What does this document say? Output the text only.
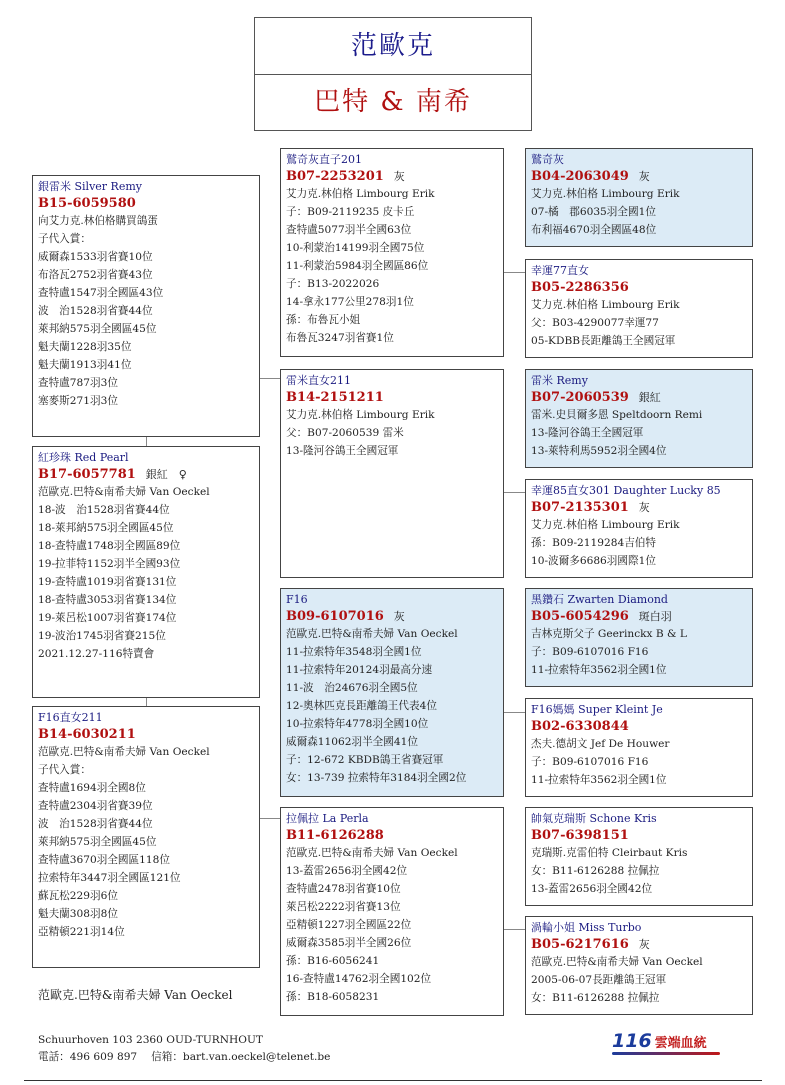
范歐克
巴特 & 南希
銀雷米 Silver Remy
B15-6059580
向艾力克.林伯格購買鴿蛋
子代入賞：
威爾森1533羽省賽10位
布洛瓦2752羽省賽43位
查特盧1547羽全國區43位
波　治1528羽省賽44位
萊邦納575羽全國區45位
魁夫蘭1228羽35位
魁夫蘭1913羽41位
查特盧787羽3位
塞麥斯271羽3位
紅珍珠 Red Pearl
B17-6057781 銀紅　♀
范歐克.巴特&南希夫婦 Van Oeckel
18-波　治1528羽省賽44位
18-萊邦納575羽全國區45位
18-查特盧1748羽全國區89位
19-拉菲特1152羽半全國93位
19-查特盧1019羽省賽131位
18-查特盧3053羽省賽134位
19-萊呂松1007羽省賽174位
19-波治1745羽省賽215位
2021.12.27-116特賣會
F16直女211
B14-6030211
范歐克.巴特&南希夫婦 Van Oeckel
子代入賞：
查特盧1694羽全國8位
查特盧2304羽省賽39位
波　治1528羽省賽44位
萊邦納575羽全國區45位
查特盧3670羽全國區118位
拉索特年3447羽全國區121位
蘇瓦松229羽6位
魁夫蘭308羽8位
亞精頓221羽14位
鷲奇灰直子201
B07-2253201 灰
艾力克.林伯格 Limbourg Erik
子：B09-2119235 皮卡丘
查特盧5077羽半全國63位
10-利蒙治14199羽全國75位
11-利蒙治5984羽全國區86位
子：B13-2022026
14-拿永177公里278羽1位
孫：布魯瓦小姐
布魯瓦3247羽省賽1位
雷米直女211
B14-2151211
艾力克.林伯格 Limbourg Erik
父：B07-2060539 雷米
13-隆河谷鴿王全國冠軍
F16
B09-6107016 灰
范歐克.巴特&南希夫婦 Van Oeckel
11-拉索特年3548羽全國1位
11-拉索特年20124羽最高分速
11-波　治24676羽全國5位
12-奧林匹克長距離鴿王代表4位
10-拉索特年4778羽全國10位
威爾森11062羽半全國41位
子：12-672 KBDB鴿王省賽冠軍
女：13-739 拉索特年3184羽全國2位
拉佩拉 La Perla
B11-6126288
范歐克.巴特&南希夫婦 Van Oeckel
13-蓋雷2656羽全國42位
查特盧2478羽省賽10位
萊呂松2222羽省賽13位
亞精頓1227羽全國區22位
威爾森3585羽半全國26位
孫：B16-6056241
16-查特盧14762羽全國102位
孫：B18-6058231
鷲奇灰
B04-2063049 灰
艾力克.林伯格 Limbourg Erik
07-橘　郡6035羽全國1位
布利福4670羽全國區48位
幸運77直女
B05-2286356
艾力克.林伯格 Limbourg Erik
父：B03-4290077幸運77
05-KDBB長距離鴿王全國冠軍
雷米 Remy
B07-2060539 銀紅
雷米.史貝爾多恩 Speltdoorn Remi
13-隆河谷鴿王全國冠軍
13-萊特利馬5952羽全國4位
幸運85直女301 Daughter Lucky 85
B07-2135301 灰
艾力克.林伯格 Limbourg Erik
孫：B09-2119284吉伯特
10-波爾多6686羽國際1位
黑鑽石 Zwarten Diamond
B05-6054296 斑白羽
吉林克斯父子 Geerinckx B & L
子：B09-6107016 F16
11-拉索特年3562羽全國1位
F16媽媽 Super Kleint Je
B02-6330844
杰夫.德胡文 Jef De Houwer
子：B09-6107016 F16
11-拉索特年3562羽全國1位
帥氣克瑞斯 Schone Kris
B07-6398151
克瑞斯.克雷伯特 Cleirbaut Kris
女：B11-6126288 拉佩拉
13-蓋雷2656羽全國42位
渦輪小姐 Miss Turbo
B05-6217616 灰
范歐克.巴特&南希夫婦 Van Oeckel
2005-06-07長距離鴿王冠軍
女：B11-6126288 拉佩拉
范歐克.巴特&南希夫婦 Van Oeckel
Schuurhoven 103 2360 OUD-TURNHOUT
電話：496 609 897　 信箱：bart.van.oeckel@telenet.be
116 雲端血統
